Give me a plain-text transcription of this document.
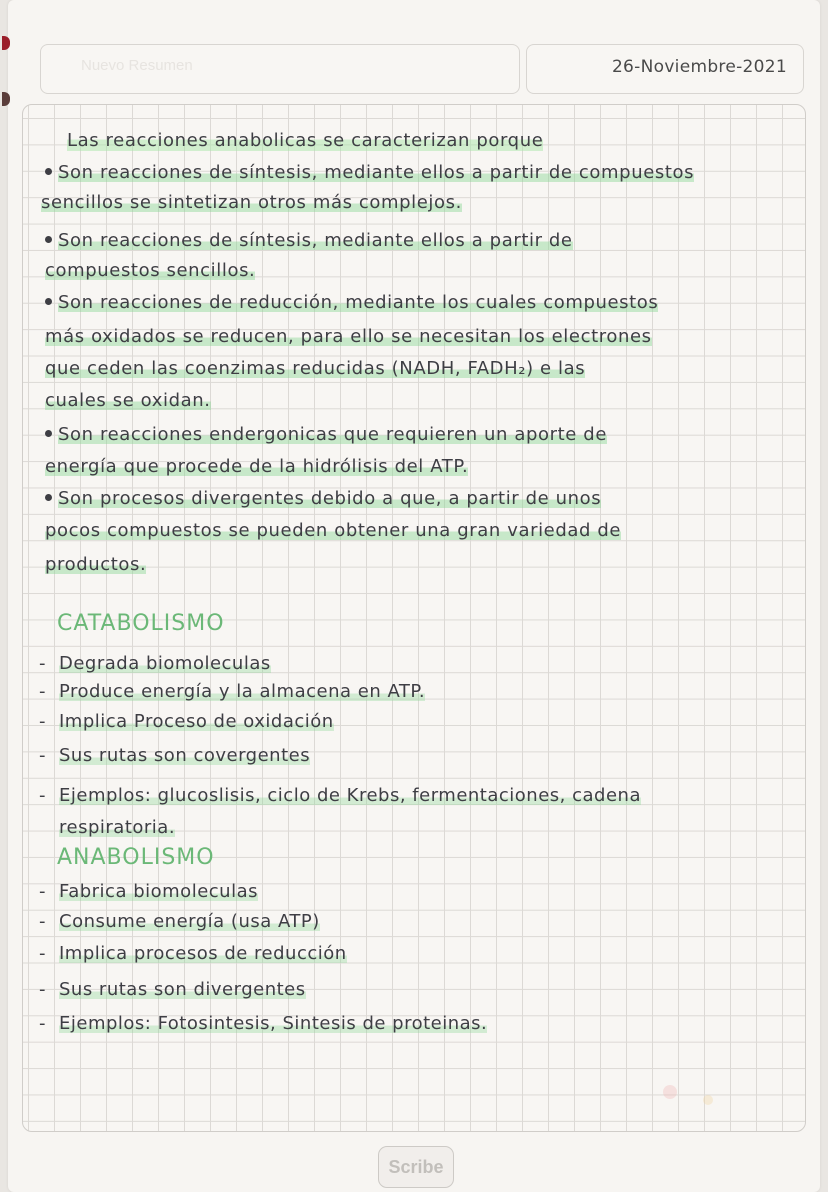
Nuevo Resumen	26-Noviembre-2021
Las reacciones anabolicas se caracterizan porque
Son reacciones de síntesis, mediante ellos a partir de compuestos
sencillos se sintetizan otros más complejos.
Son reacciones de síntesis, mediante ellos a partir de
compuestos sencillos.
Son reacciones de reducción, mediante los cuales compuestos
más oxidados se reducen, para ello se necesitan los electrones
que ceden las coenzimas reducidas (NADH, FADH₂) e las
cuales se oxidan.
Son reacciones endergonicas que requieren un aporte de
energía que procede de la hidrólisis del ATP.
Son procesos divergentes debido a que, a partir de unos
pocos compuestos se pueden obtener una gran variedad de
productos.
CATABOLISMO
- Degrada biomoleculas
- Produce energía y la almacena en ATP.
- Implica Proceso de oxidación
- Sus rutas son covergentes
- Ejemplos: glucoslisis, ciclo de Krebs, fermentaciones, cadena
respiratoria.
ANABOLISMO
- Fabrica biomoleculas
- Consume energía (usa ATP)
- Implica procesos de reducción
- Sus rutas son divergentes
- Ejemplos: Fotosintesis, Sintesis de proteinas.
Scribe
